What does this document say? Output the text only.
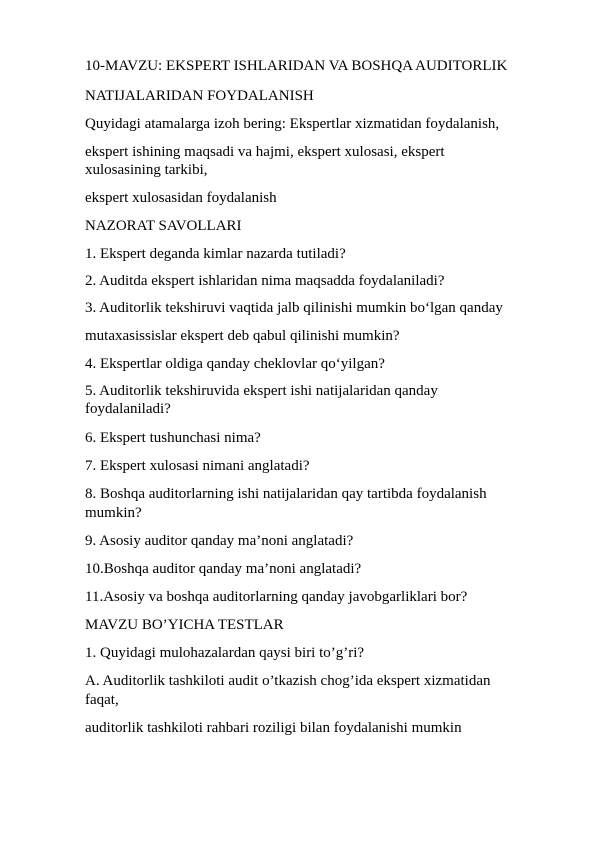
10-MAVZU: EKSPERT ISHLARIDAN VA BOSHQA AUDITORLIK
NATIJALARIDAN FOYDALANISH
Quyidagi atamalarga izoh bering: Ekspertlar xizmatidan foydalanish,
ekspert ishining maqsadi va hajmi, ekspert xulosasi, ekspert
xulosasining tarkibi,
ekspert xulosasidan foydalanish
NAZORAT SAVOLLARI
1. Ekspert deganda kimlar nazarda tutiladi?
2. Auditda ekspert ishlaridan nima maqsadda foydalaniladi?
3. Auditorlik tekshiruvi vaqtida jalb qilinishi mumkin bo‘lgan qanday
mutaxasissislar ekspert deb qabul qilinishi mumkin?
4. Ekspertlar oldiga qanday cheklovlar qo‘yilgan?
5. Auditorlik tekshiruvida ekspert ishi natijalaridan qanday
foydalaniladi?
6. Ekspert tushunchasi nima?
7. Ekspert xulosasi nimani anglatadi?
8. Boshqa auditorlarning ishi natijalaridan qay tartibda foydalanish
mumkin?
9. Asosiy auditor qanday ma’noni anglatadi?
10.Boshqa auditor qanday ma’noni anglatadi?
11.Asosiy va boshqa auditorlarning qanday javobgarliklari bor?
MAVZU BO’YICHA TESTLAR
1. Quyidagi mulohazalardan qaysi biri to’g’ri?
A. Auditorlik tashkiloti audit o’tkazish chog’ida ekspert xizmatidan
faqat,
auditorlik tashkiloti rahbari roziligi bilan foydalanishi mumkin
